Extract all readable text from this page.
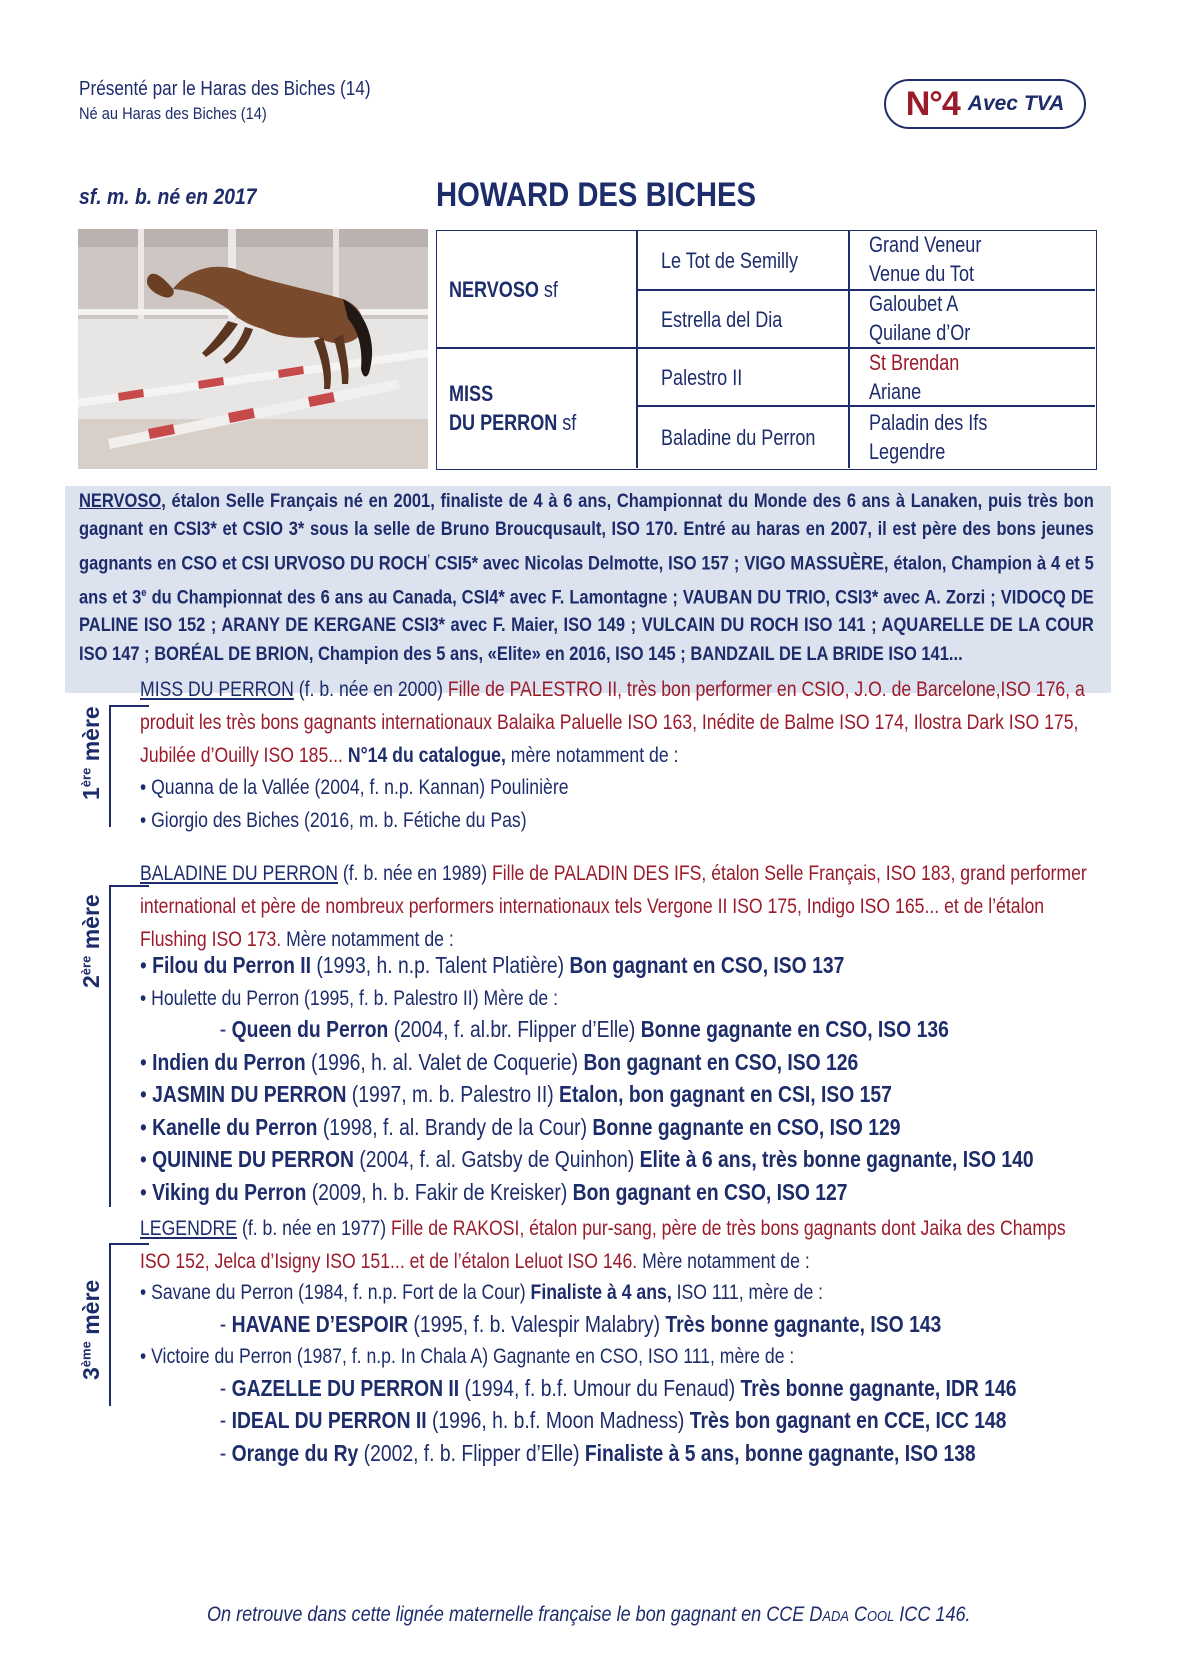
Présenté par le Haras des Biches (14)
Né au Haras des Biches (14)	N°4 Avec TVA
sf. m. b. né en 2017	HOWARD DES BICHES
NERVOSO sf
MISS
DU PERRON sf
Le Tot de Semilly
Estrella del Dia
Palestro II
Baladine du Perron
Grand Veneur
Venue du Tot
Galoubet A
Quilane d’Or
St Brendan
Ariane
Paladin des Ifs
Legendre
NERVOSO, étalon Selle Français né en 2001, finaliste de 4 à 6 ans, Championnat du Monde des 6 ans à Lanaken, puis très bon gagnant en CSI3* et CSIO 3* sous la selle de Bruno Broucqusault, ISO 170. Entré au haras en 2007, il est père des bons jeunes gagnants en CSO et CSI URVOSO DU ROCH’ CSI5* avec Nicolas Delmotte, ISO 157 ; VIGO MASSUÈRE, étalon, Champion à 4 et 5 ans et 3e du Championnat des 6 ans au Canada, CSI4* avec F. Lamontagne ; VAUBAN DU TRIO, CSI3* avec A. Zorzi ; VIDOCQ DE PALINE ISO 152 ; ARANY DE KERGANE CSI3* avec F. Maier, ISO 149 ; VULCAIN DU ROCH ISO 141 ; AQUARELLE DE LA COUR ISO 147 ; BORÉAL DE BRION, Champion des 5 ans, «Elite» en 2016, ISO 145 ; BANDZAIL DE LA BRIDE ISO 141...
1ère mère
MISS DU PERRON (f. b. née en 2000) Fille de PALESTRO II, très bon performer en CSIO, J.O. de Barcelone,ISO 176, a produit les très bons gagnants internationaux Balaika Paluelle ISO 163, Inédite de Balme ISO 174, Ilostra Dark ISO 175, Jubilée d’Ouilly ISO 185... N°14 du catalogue, mère notamment de :
• Quanna de la Vallée (2004, f. n.p. Kannan) Poulinière
• Giorgio des Biches (2016, m. b. Fétiche du Pas)
2ère mère
BALADINE DU PERRON (f. b. née en 1989) Fille de PALADIN DES IFS, étalon Selle Français, ISO 183, grand performer international et père de nombreux performers internationaux tels Vergone II ISO 175, Indigo ISO 165... et de l’étalon Flushing ISO 173. Mère notamment de :
• Filou du Perron II (1993, h. n.p. Talent Platière) Bon gagnant en CSO, ISO 137
• Houlette du Perron (1995, f. b. Palestro II) Mère de :
- Queen du Perron (2004, f. al.br. Flipper d’Elle) Bonne gagnante en CSO, ISO 136
• Indien du Perron (1996, h. al. Valet de Coquerie) Bon gagnant en CSO, ISO 126
• JASMIN DU PERRON (1997, m. b. Palestro II) Etalon, bon gagnant en CSI, ISO 157
• Kanelle du Perron (1998, f. al. Brandy de la Cour) Bonne gagnante en CSO, ISO 129
• QUININE DU PERRON (2004, f. al. Gatsby de Quinhon) Elite à 6 ans, très bonne gagnante, ISO 140
• Viking du Perron (2009, h. b. Fakir de Kreisker) Bon gagnant en CSO, ISO 127
3ème mère
LEGENDRE (f. b. née en 1977) Fille de RAKOSI, étalon pur-sang, père de très bons gagnants dont Jaika des Champs ISO 152, Jelca d’Isigny ISO 151... et de l’étalon Leluot ISO 146. Mère notamment de :
• Savane du Perron (1984, f. n.p. Fort de la Cour) Finaliste à 4 ans, ISO 111, mère de :
- HAVANE D’ESPOIR (1995, f. b. Valespir Malabry) Très bonne gagnante, ISO 143
• Victoire du Perron (1987, f. n.p. In Chala A) Gagnante en CSO, ISO 111, mère de :
- GAZELLE DU PERRON II (1994, f. b.f. Umour du Fenaud) Très bonne gagnante, IDR 146
- IDEAL DU PERRON II (1996, h. b.f. Moon Madness) Très bon gagnant en CCE, ICC 148
- Orange du Ry (2002, f. b. Flipper d’Elle) Finaliste à 5 ans, bonne gagnante, ISO 138
On retrouve dans cette lignée maternelle française le bon gagnant en CCE DADA COOL ICC 146.
